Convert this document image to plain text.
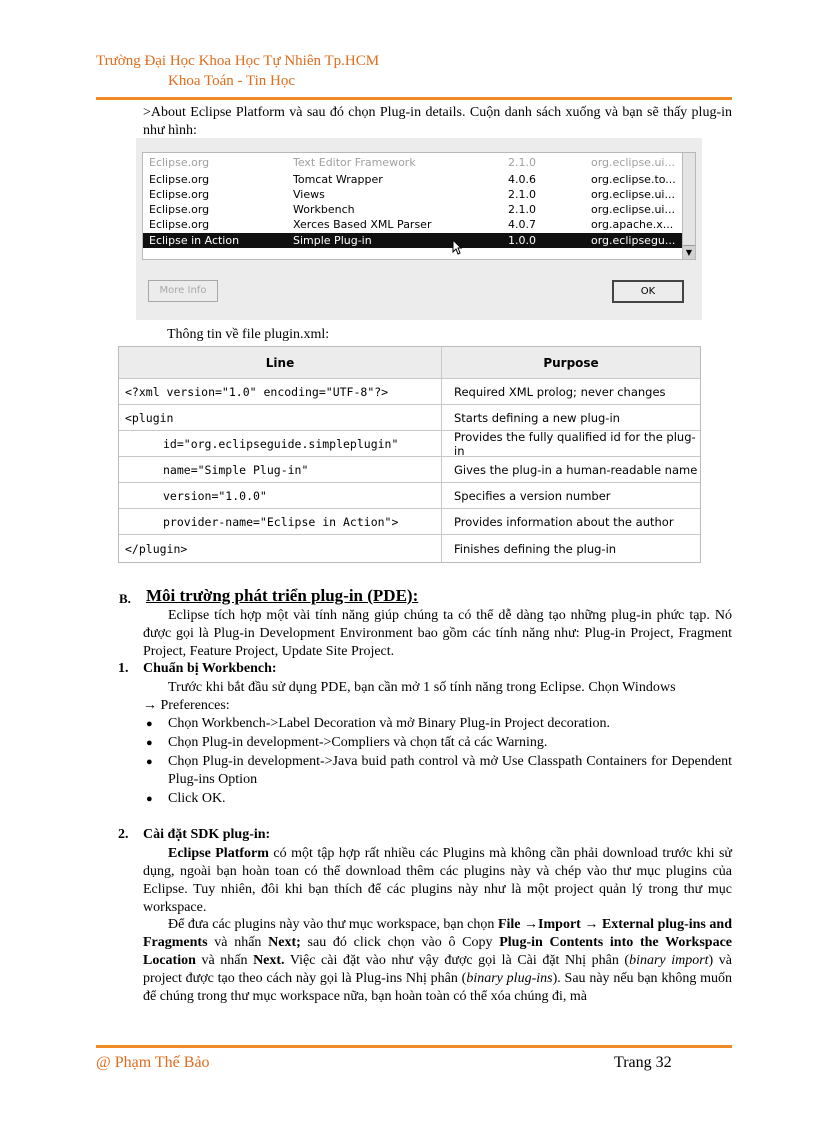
Trường Đại Học Khoa Học Tự Nhiên Tp.HCM
Khoa Toán - Tin Học
>About Eclipse Platform và sau đó chọn Plug-in details. Cuộn danh sách xuống và bạn sẽ thấy plug-in như hình:
Eclipse.org	Text Editor Framework	2.1.0	org.eclipse.ui...
Eclipse.org	Tomcat Wrapper	4.0.6	org.eclipse.to...
Eclipse.org	Views	2.1.0	org.eclipse.ui...
Eclipse.org	Workbench	2.1.0	org.eclipse.ui...
Eclipse.org	Xerces Based XML Parser	4.0.7	org.apache.x...
Eclipse in Action	Simple Plug-in	1.0.0	org.eclipsegu...
▼
More Info	OK
Thông tin về file plugin.xml:
Line	Purpose
<?xml version="1.0" encoding="UTF-8"?>	Required XML prolog; never changes
<plugin	Starts defining a new plug-in
id="org.eclipseguide.simpleplugin"	Provides the fully qualified id for the plug-in
name="Simple Plug-in"	Gives the plug-in a human-readable name
version="1.0.0"	Specifies a version number
provider-name="Eclipse in Action">	Provides information about the author
</plugin>	Finishes defining the plug-in
B. Môi trường phát triển plug-in (PDE):
Eclipse tích hợp một vài tính năng giúp chúng ta có thể dễ dàng tạo những plug-in phức tạp. Nó được gọi là Plug-in Development Environment bao gồm các tính năng như: Plug-in Project, Fragment Project, Feature Project, Update Site Project.
1. Chuẩn bị Workbench:
Trước khi bắt đầu sử dụng PDE, bạn cần mở 1 số tính năng trong Eclipse. Chọn Windows
→ Preferences:
● Chọn Workbench->Label Decoration và mở Binary Plug-in Project decoration.
● Chọn Plug-in development->Compliers và chọn tất cả các Warning.
● Chọn Plug-in development->Java buid path control và mở Use Classpath Containers for Dependent Plug-ins Option
● Click OK.
2. Cài đặt SDK plug-in:
Eclipse Platform có một tập hợp rất nhiều các Plugins mà không cần phải download trước khi sử dụng, ngoài bạn hoàn toan có thể download thêm các plugins này và chép vào thư mục plugins của Eclipse. Tuy nhiên, đôi khi bạn thích để các plugins này như là một project quản lý trong thư mục workspace.
Để đưa các plugins này vào thư mục workspace, bạn chọn File →Import → External plug-ins and Fragments và nhấn Next; sau đó click chọn vào ô Copy Plug-in Contents into the Workspace Location và nhấn Next. Việc cài đặt vào như vậy được gọi là Cài đặt Nhị phân (binary import) và project được tạo theo cách này gọi là Plug-ins Nhị phân (binary plug-ins). Sau này nếu bạn không muốn để chúng trong thư mục workspace nữa, bạn hoàn toàn có thể xóa chúng đi, mà
@ Phạm Thế Bảo	Trang 32
